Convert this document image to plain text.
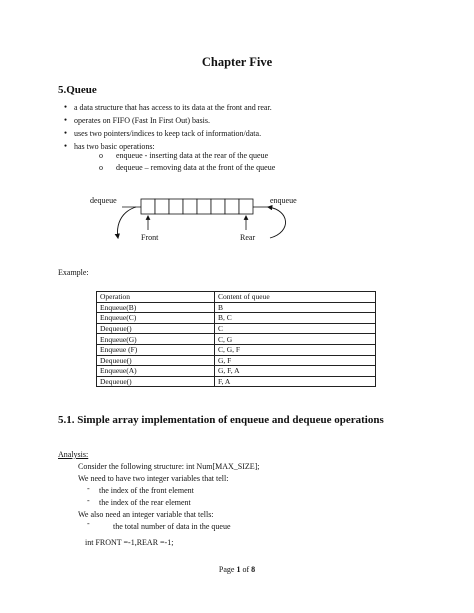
Chapter Five
5.Queue
● a data structure that has access to its data at the front and rear.
● operates on FIFO (Fast In First Out) basis.
● uses two pointers/indices to keep tack of information/data.
● has two basic operations:
o enqueue - inserting data at the rear of the queue
o dequeue – removing data at the front of the queue
dequeue	enqueue
Front	Rear
Example:
Operation	Content of queue
Enqueue(B)	B
Enqueue(C)	B, C
Dequeue()	C
Enqueue(G)	C, G
Enqueue (F)	C, G, F
Dequeue()	G, F
Enqueue(A)	G, F, A
Dequeue()	F, A
5.1. Simple array implementation of enqueue and dequeue operations
Analysis:
Consider the following structure: int Num[MAX_SIZE];
We need to have two integer variables that tell:
- the index of the front element
- the index of the rear element
We also need an integer variable that tells:
-	the total number of data in the queue
int FRONT =-1,REAR =-1;
Page 1 of 8
